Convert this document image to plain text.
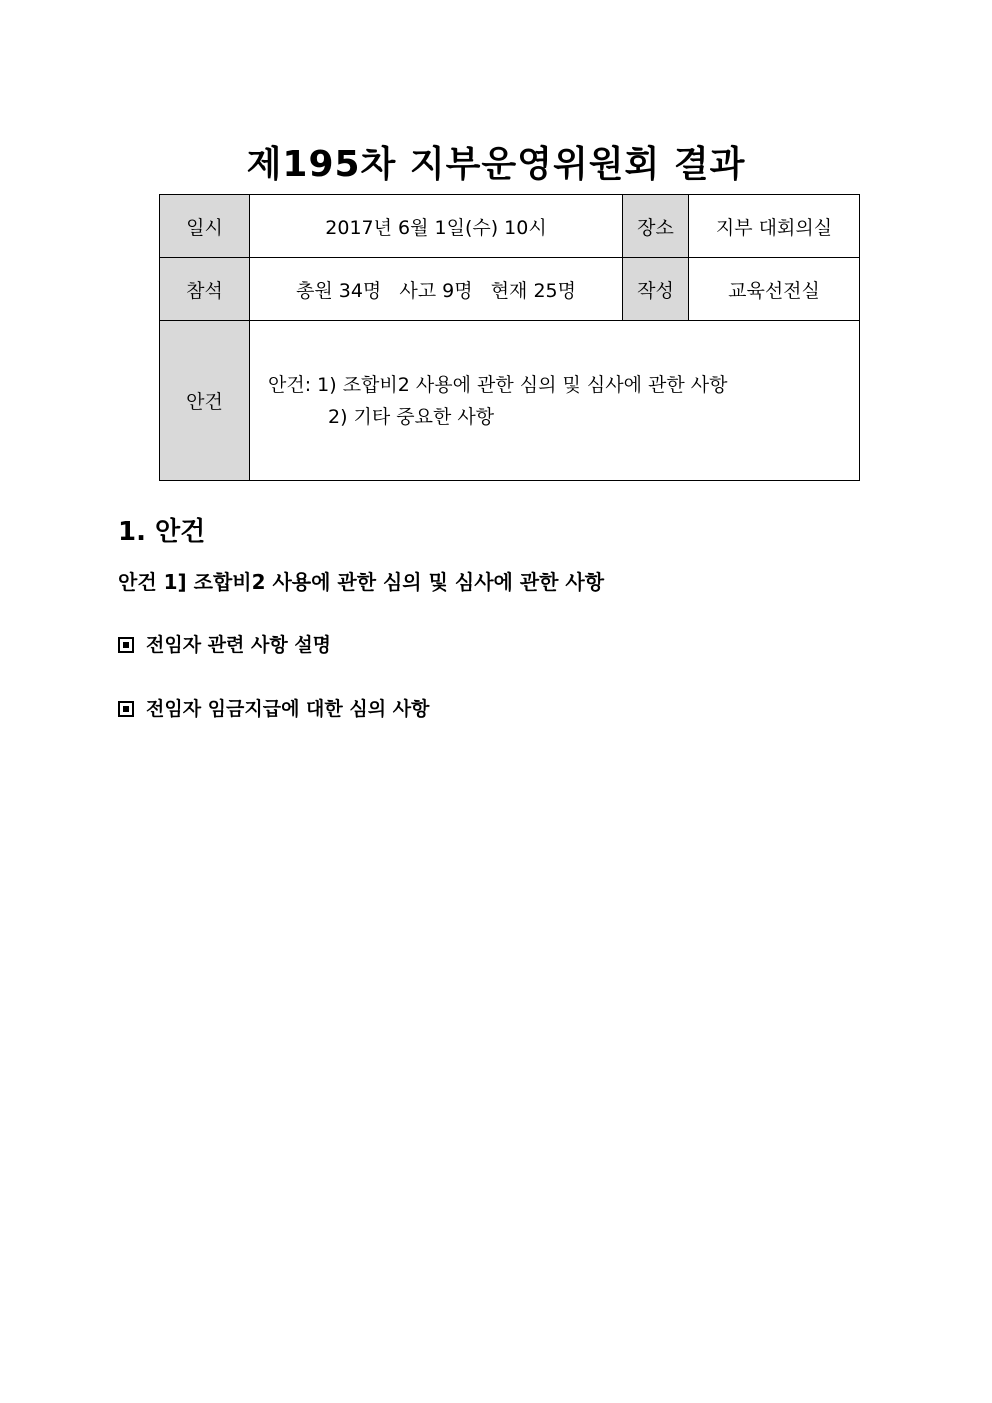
제195차 지부운영위원회 결과
일시	2017년 6월 1일(수) 10시	장소	지부 대회의실
참석	총원 34명   사고 9명   현재 25명	작성	교육선전실
안건	안건: 1) 조합비2 사용에 관한 심의 및 심사에 관한 사항
2) 기타 중요한 사항		
1. 안건
안건 1] 조합비2 사용에 관한 심의 및 심사에 관한 사항
전임자 관련 사항 설명
전임자 임금지급에 대한 심의 사항
